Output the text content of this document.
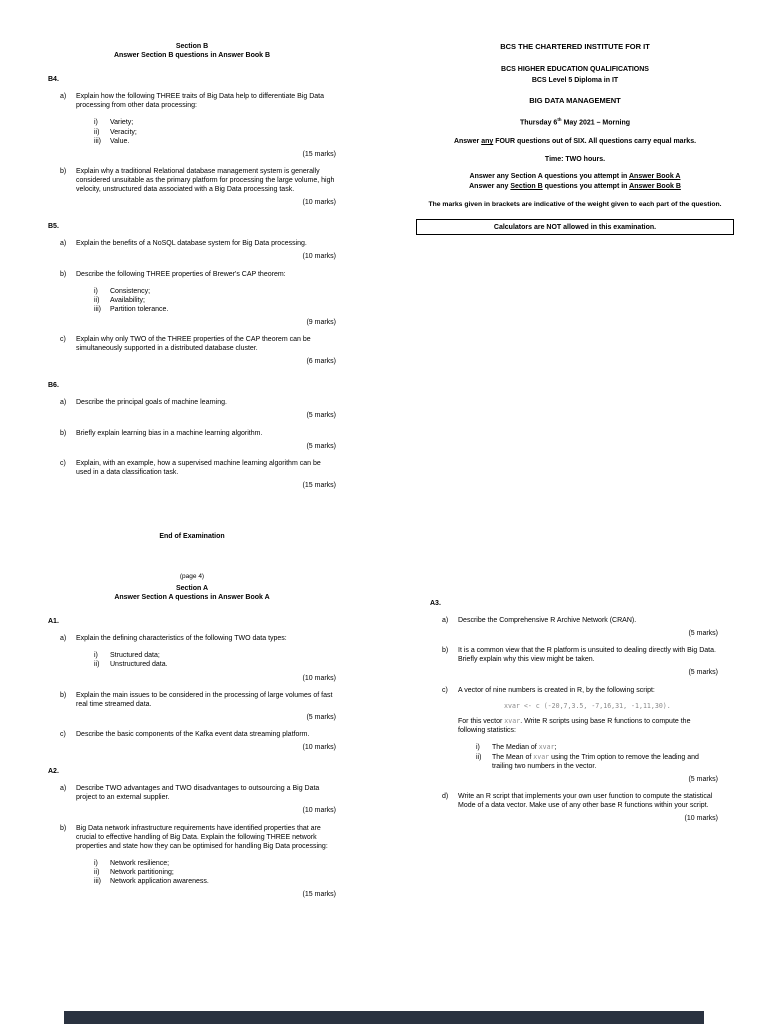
Section B
Answer Section B questions in Answer Book B
B4.
a)	Explain how the following THREE traits of Big Data help to differentiate Big Data processing from other data processing:
i)	Variety;
ii)	Veracity;
iii)	Value.
(15 marks)
b)	Explain why a traditional Relational database management system is generally considered unsuitable as the primary platform for processing the large volume, high velocity, unstructured data associated with a Big Data processing task.
(10 marks)
B5.
a)	Explain the benefits of a NoSQL database system for Big Data processing.
(10 marks)
b)	Describe the following THREE properties of Brewer's CAP theorem:
i)	Consistency;
ii)	Availability;
iii)	Partition tolerance.
(9 marks)
c)	Explain why only TWO of the THREE properties of the CAP theorem can be simultaneously supported in a distributed database cluster.
(6 marks)
B6.
a)	Describe the principal goals of machine learning.
(5 marks)
b)	Briefly explain learning bias in a machine learning algorithm.
(5 marks)
c)	Explain, with an example, how a supervised machine learning algorithm can be used in a data classification task.
(15 marks)
End of Examination
(page 4)
BCS THE CHARTERED INSTITUTE FOR IT
BCS HIGHER EDUCATION QUALIFICATIONS
BCS Level 5 Diploma in IT
BIG DATA MANAGEMENT
Thursday 6th May 2021 – Morning
Answer any FOUR questions out of SIX. All questions carry equal marks.
Time: TWO hours.
Answer any Section A questions you attempt in Answer Book A
Answer any Section B questions you attempt in Answer Book B
The marks given in brackets are indicative of the weight given to each part of the question.
Calculators are NOT allowed in this examination.
Section A
Answer Section A questions in Answer Book A
A1.
a)	Explain the defining characteristics of the following TWO data types:
i)	Structured data;
ii)	Unstructured data.
(10 marks)
b)	Explain the main issues to be considered in the processing of large volumes of fast real time streamed data.
(5 marks)
c)	Describe the basic components of the Kafka event data streaming platform.
(10 marks)
A2.
a)	Describe TWO advantages and TWO disadvantages to outsourcing a Big Data project to an external supplier.
(10 marks)
b)	Big Data network infrastructure requirements have identified properties that are crucial to effective handling of Big Data. Explain the following THREE network properties and state how they can be optimised for handling Big Data processing:
i)	Network resilience;
ii)	Network partitioning;
iii)	Network application awareness.
(15 marks)
A3.
a)	Describe the Comprehensive R Archive Network (CRAN).
(5 marks)
b)	It is a common view that the R platform is unsuited to dealing directly with Big Data. Briefly explain why this view might be taken.
(5 marks)
c)	A vector of nine numbers is created in R, by the following script:
xvar <- c (-20,7,3.5, -7,16,31, -1,11,30).
For this vector xvar. Write R scripts using base R functions to compute the following statistics:
i)	The Median of xvar;
ii)	The Mean of xvar using the Trim option to remove the leading and trailing two numbers in the vector.
(5 marks)
d)	Write an R script that implements your own user function to compute the statistical Mode of a data vector. Make use of any other base R functions within your script.
(10 marks)
